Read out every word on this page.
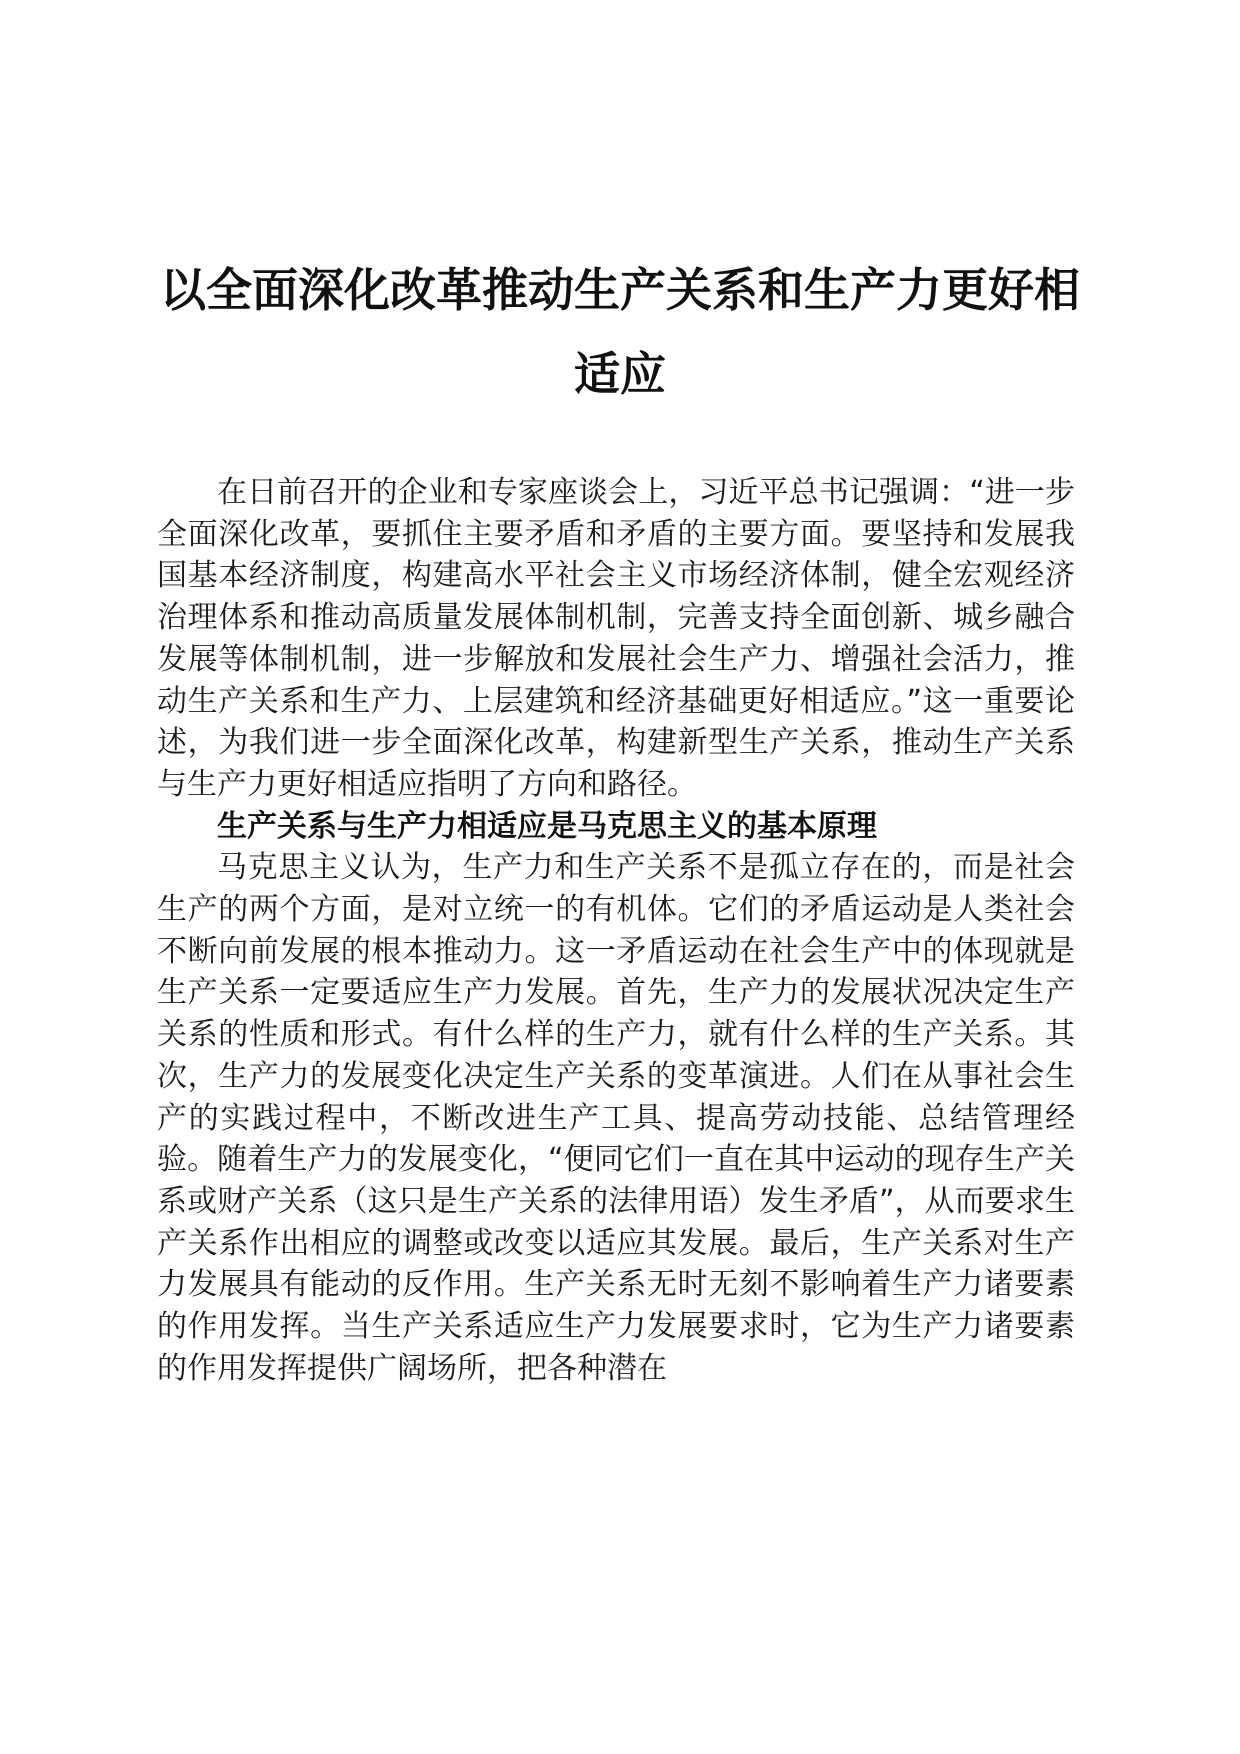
以全面深化改革推动生产关系和生产力更好相适应

在日前召开的企业和专家座谈会上，习近平总书记强调：“进一步全面深化改革，要抓住主要矛盾和矛盾的主要方面。要坚持和发展我国基本经济制度，构建高水平社会主义市场经济体制，健全宏观经济治理体系和推动高质量发展体制机制，完善支持全面创新、城乡融合发展等体制机制，进一步解放和发展社会生产力、增强社会活力，推动生产关系和生产力、上层建筑和经济基础更好相适应。”这一重要论述，为我们进一步全面深化改革，构建新型生产关系，推动生产关系与生产力更好相适应指明了方向和路径。

生产关系与生产力相适应是马克思主义的基本原理

马克思主义认为，生产力和生产关系不是孤立存在的，而是社会生产的两个方面，是对立统一的有机体。它们的矛盾运动是人类社会不断向前发展的根本推动力。这一矛盾运动在社会生产中的体现就是生产关系一定要适应生产力发展。首先，生产力的发展状况决定生产关系的性质和形式。有什么样的生产力，就有什么样的生产关系。其次，生产力的发展变化决定生产关系的变革演进。人们在从事社会生产的实践过程中，不断改进生产工具、提高劳动技能、总结管理经验。随着生产力的发展变化，“便同它们一直在其中运动的现存生产关系或财产关系（这只是生产关系的法律用语）发生矛盾”，从而要求生产关系作出相应的调整或改变以适应其发展。最后，生产关系对生产力发展具有能动的反作用。生产关系无时无刻不影响着生产力诸要素的作用发挥。当生产关系适应生产力发展要求时，它为生产力诸要素的作用发挥提供广阔场所，把各种潜在
